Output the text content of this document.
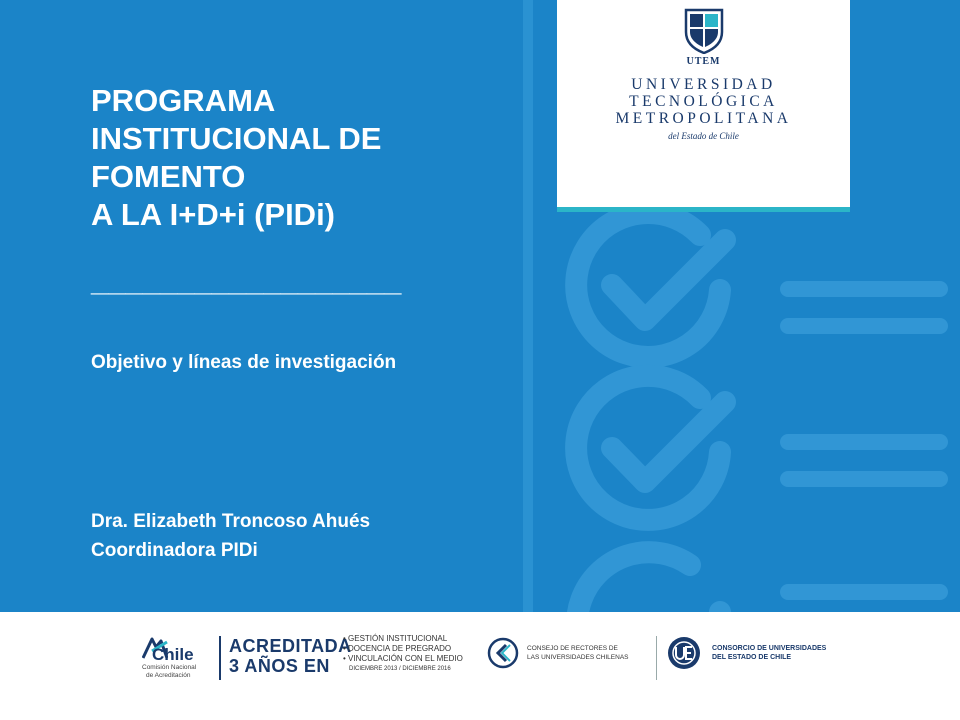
PROGRAMA
INSTITUCIONAL DE
FOMENTO
A LA I+D+i (PIDi)
__________________
Objetivo y líneas de investigación
Dra. Elizabeth Troncoso Ahués
Coordinadora PIDi
UTEM
UNIVERSIDAD
TECNOLÓGICA
METROPOLITANA
del Estado de Chile
Chile
Comisión Nacional
de Acreditación
ACREDITADA
3 AÑOS EN
• GESTIÓN INSTITUCIONAL
• DOCENCIA DE PREGRADO
• VINCULACIÓN CON EL MEDIO
DICIEMBRE 2013 / DICIEMBRE 2016
CONSEJO DE RECTORES DE
LAS UNIVERSIDADES CHILENAS
CONSORCIO DE UNIVERSIDADES
DEL ESTADO DE CHILE
